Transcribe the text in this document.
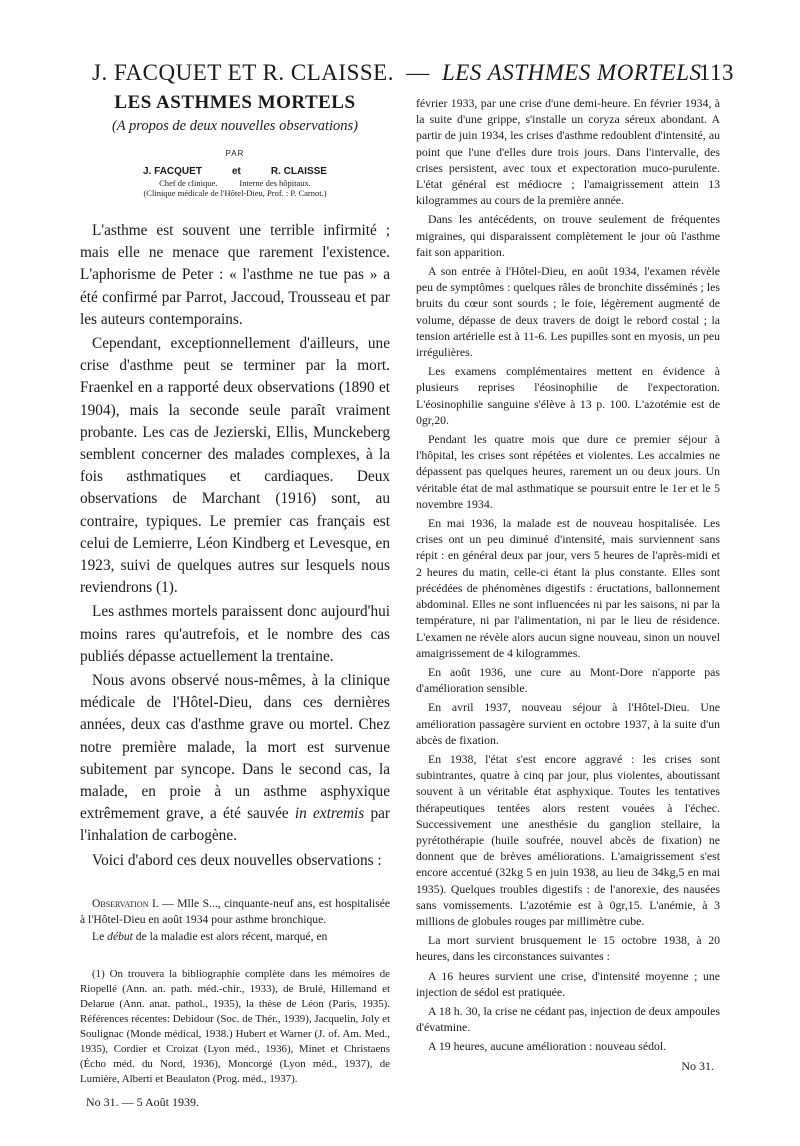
J. FACQUET ET R. CLAISSE. — LES ASTHMES MORTELS
113
LES ASTHMES MORTELS
(A propos de deux nouvelles observations)
PAR
J. FACQUET	et	R. CLAISSE
Chef de clinique.	Interne des hôpitaux.
(Clinique médicale de l'Hôtel-Dieu, Prof. : P. Carnot.)

L'asthme est souvent une terrible infirmité ; mais elle ne menace que rarement l'existence. L'aphorisme de Peter : « l'asthme ne tue pas » a été confirmé par Parrot, Jaccoud, Trousseau et par les auteurs contemporains.

Cependant, exceptionnellement d'ailleurs, une crise d'asthme peut se terminer par la mort. Fraenkel en a rapporté deux observations (1890 et 1904), mais la seconde seule paraît vraiment probante. Les cas de Jezierski, Ellis, Munckeberg semblent concerner des malades complexes, à la fois asthmatiques et cardiaques. Deux observations de Marchant (1916) sont, au contraire, typiques. Le premier cas français est celui de Lemierre, Léon Kindberg et Levesque, en 1923, suivi de quelques autres sur lesquels nous reviendrons (1).

Les asthmes mortels paraissent donc aujourd'hui moins rares qu'autrefois, et le nombre des cas publiés dépasse actuellement la trentaine.

Nous avons observé nous-mêmes, à la clinique médicale de l'Hôtel-Dieu, dans ces dernières années, deux cas d'asthme grave ou mortel. Chez notre première malade, la mort est survenue subitement par syncope. Dans le second cas, la malade, en proie à un asthme asphyxique extrêmement grave, a été sauvée in extremis par l'inhalation de carbogène.

Voici d'abord ces deux nouvelles observations :

Observation I. — Mlle S..., cinquante-neuf ans, est hospitalisée à l'Hôtel-Dieu en août 1934 pour asthme bronchique.

Le début de la maladie est alors récent, marqué, en

(1) On trouvera la bibliographie complète dans les mémoires de Riopellé (Ann. an. path. méd.-chir., 1933), de Brulé, Hillemand et Delarue (Ann. anat. pathol., 1935), la thèse de Léon (Paris, 1935). Références récentes: Debidour (Soc. de Thér., 1939), Jacquelin, Joly et Soulignac (Monde médical, 1938.) Hubert et Warner (J. of. Am. Med., 1935), Cordier et Croizat (Lyon méd., 1936), Minet et Christaens (Écho méd. du Nord, 1936), Moncorgé (Lyon méd., 1937), de Lumière, Alberti et Beaulaton (Prog. méd., 1937).
No 31. — 5 Août 1939.

février 1933, par une crise d'une demi-heure. En février 1934, à la suite d'une grippe, s'installe un coryza séreux abondant. A partir de juin 1934, les crises d'asthme redoublent d'intensité, au point que l'une d'elles dure trois jours. Dans l'intervalle, des crises persistent, avec toux et expectoration muco-purulente. L'état général est médiocre ; l'amaigrissement attein 13 kilogrammes au cours de la première année.

Dans les antécédents, on trouve seulement de fréquentes migraines, qui disparaissent complètement le jour où l'asthme fait son apparition.

A son entrée à l'Hôtel-Dieu, en août 1934, l'examen révèle peu de symptômes : quelques râles de bronchite disséminés ; les bruits du cœur sont sourds ; le foie, légèrement augmenté de volume, dépasse de deux travers de doigt le rebord costal ; la tension artérielle est à 11-6. Les pupilles sont en myosis, un peu irrégulières.

Les examens complémentaires mettent en évidence à plusieurs reprises l'éosinophilie de l'expectoration. L'éosinophilie sanguine s'élève à 13 p. 100. L'azotémie est de 0gr,20.

Pendant les quatre mois que dure ce premier séjour à l'hôpital, les crises sont répétées et violentes. Les accalmies ne dépassent pas quelques heures, rarement un ou deux jours. Un véritable état de mal asthmatique se poursuit entre le 1er et le 5 novembre 1934.

En mai 1936, la malade est de nouveau hospitalisée. Les crises ont un peu diminué d'intensité, mais surviennent sans répit : en général deux par jour, vers 5 heures de l'après-midi et 2 heures du matin, celle-ci étant la plus constante. Elles sont précédées de phénomènes digestifs : éructations, ballonnement abdominal. Elles ne sont influencées ni par les saisons, ni par la température, ni par l'alimentation, ni par le lieu de résidence. L'examen ne révèle alors aucun signe nouveau, sinon un nouvel amaigrissement de 4 kilogrammes.

En août 1936, une cure au Mont-Dore n'apporte pas d'amélioration sensible.

En avril 1937, nouveau séjour à l'Hôtel-Dieu. Une amélioration passagère survient en octobre 1937, à la suite d'un abcès de fixation.

En 1938, l'état s'est encore aggravé : les crises sont subintrantes, quatre à cinq par jour, plus violentes, aboutissant souvent à un véritable état asphyxique. Toutes les tentatives thérapeutiques tentées alors restent vouées à l'échec. Successivement une anesthésie du ganglion stellaire, la pyrétothérapie (huile soufrée, nouvel abcès de fixation) ne donnent que de brèves améliorations. L'amaigrissement s'est encore accentué (32kg 5 en juin 1938, au lieu de 34kg,5 en mai 1935). Quelques troubles digestifs : de l'anorexie, des nausées sans vomissements. L'azotémie est à 0gr,15. L'anémie, à 3 millions de globules rouges par millimètre cube.

La mort survient brusquement le 15 octobre 1938, à 20 heures, dans les circonstances suivantes :

A 16 heures survient une crise, d'intensité moyenne ; une injection de sédol est pratiquée.

A 18 h. 30, la crise ne cédant pas, injection de deux ampoules d'évatmine.

A 19 heures, aucune amélioration : nouveau sédol.

No 31.
